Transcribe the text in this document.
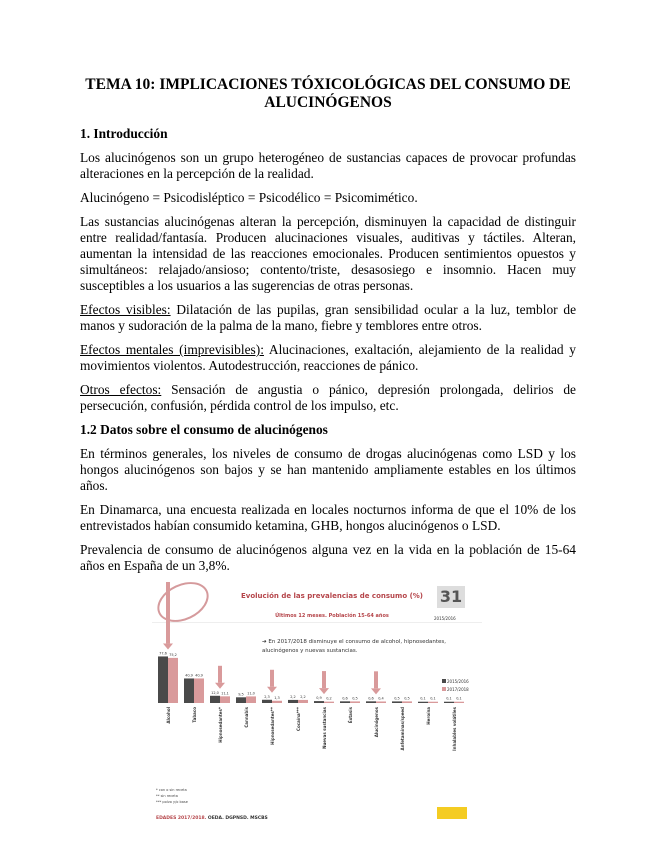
TEMA 10: IMPLICACIONES TÓXICOLÓGICAS DEL CONSUMO DE ALUCINÓGENOS
1. Introducción

Los alucinógenos son un grupo heterogéneo de sustancias capaces de provocar profundas alteraciones en la percepción de la realidad.

Alucinógeno = Psicodisléptico = Psicodélico = Psicomimético.

Las sustancias alucinógenas alteran la percepción, disminuyen la capacidad de distinguir entre realidad/fantasía. Producen alucinaciones visuales, auditivas y táctiles. Alteran, aumentan la intensidad de las reacciones emocionales. Producen sentimientos opuestos y simultáneos: relajado/ansioso; contento/triste, desasosiego e insomnio. Hacen muy susceptibles a los usuarios a las sugerencias de otras personas.

Efectos visibles: Dilatación de las pupilas, gran sensibilidad ocular a la luz, temblor de manos y sudoración de la palma de la mano, fiebre y temblores entre otros.

Efectos mentales (imprevisibles): Alucinaciones, exaltación, alejamiento de la realidad y movimientos violentos. Autodestrucción, reacciones de pánico.

Otros efectos: Sensación de angustia o pánico, depresión prolongada, delirios de persecución, confusión, pérdida control de los impulso, etc.

1.2 Datos sobre el consumo de alucinógenos

En términos generales, los niveles de consumo de drogas alucinógenas como LSD y los hongos alucinógenos son bajos y se han mantenido ampliamente estables en los últimos años.

En Dinamarca, una encuesta realizada en locales nocturnos informa de que el 10% de los entrevistados habían consumido ketamina, GHB, hongos alucinógenos o LSD.

Prevalencia de consumo de alucinógenos alguna vez en la vida en la población de 15-64 años en España de un 3,8%.

Evolución de las prevalencias de consumo (%)
Últimos 12 meses. Población 15-64 años
31
2015/2016
➔ En 2017/2018 disminuye el consumo de alcohol, hipnosedantes, alucinógenos y nuevas sustancias.
2015/2016
2017/2018
77,6 75,2
Alcohol
40,9 40,9
Tabaco
12,0 11,1
Hipnosedantes*
9,5 11,0
Cannabis
2,3 1,3
Hipnosedantes**
2,2 2,2
Cocaína***
0,9 0,2
Nuevas sustancias
0,6 0,5
Éxtasis
0,6 0,4
Alucinógenos
0,5 0,5
Anfetaminas/speed
0,1 0,1
Heroína
0,1 0,1
Inhalables volátiles
* con o sin receta
** sin receta
*** polvo y/o base
EDADES 2017/2018. OEDA. DGPNSD. MSCBS
